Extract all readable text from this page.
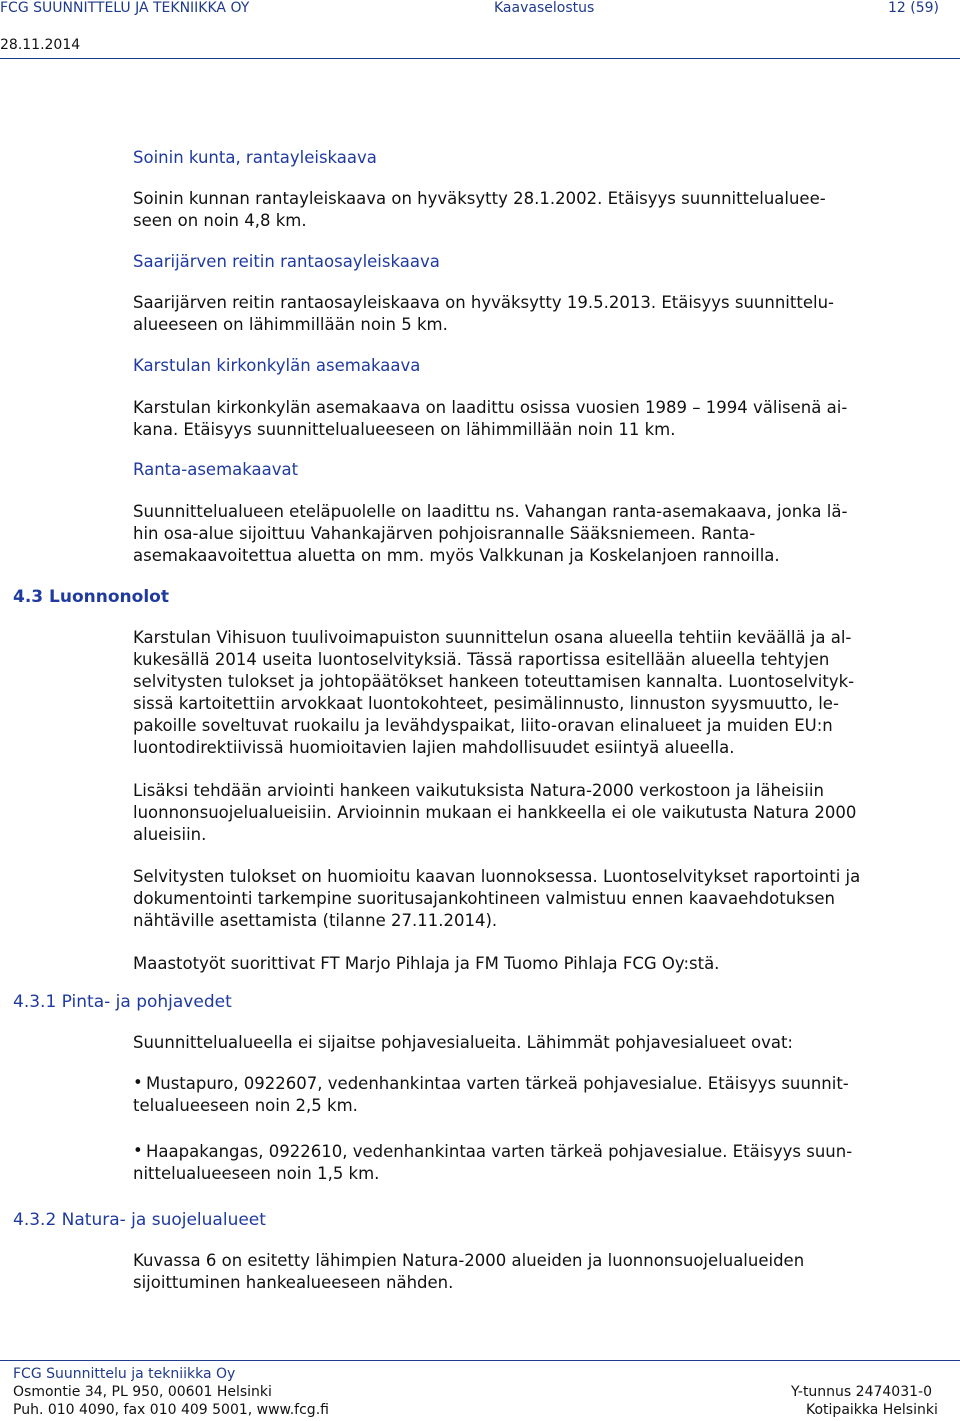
FCG SUUNNITTELU JA TEKNIIKKA OY	Kaavaselostus	12 (59)
28.11.2014
Soinin kunta, rantayleiskaava
Soinin kunnan rantayleiskaava on hyväksytty 28.1.2002. Etäisyys suunnittelualuee-
seen on noin 4,8 km.
Saarijärven reitin rantaosayleiskaava
Saarijärven reitin rantaosayleiskaava on hyväksytty 19.5.2013. Etäisyys suunnittelu-
alueeseen on lähimmillään noin 5 km.
Karstulan kirkonkylän asemakaava
Karstulan kirkonkylän asemakaava on laadittu osissa vuosien 1989 – 1994 välisenä ai-
kana. Etäisyys suunnittelualueeseen on lähimmillään noin 11 km.
Ranta-asemakaavat
Suunnittelualueen eteläpuolelle on laadittu ns. Vahangan ranta-asemakaava, jonka lä-
hin osa-alue sijoittuu Vahankajärven pohjoisrannalle Sääksniemeen. Ranta-
asemakaavoitettua aluetta on mm. myös Valkkunan ja Koskelanjoen rannoilla.
4.3 Luonnonolot
Karstulan Vihisuon tuulivoimapuiston suunnittelun osana alueella tehtiin keväällä ja al-
kukesällä 2014 useita luontoselvityksiä. Tässä raportissa esitellään alueella tehtyjen
selvitysten tulokset ja johtopäätökset hankeen toteuttamisen kannalta. Luontoselvityk-
sissä kartoitettiin arvokkaat luontokohteet, pesimälinnusto, linnuston syysmuutto, le-
pakoille soveltuvat ruokailu ja levähdyspaikat, liito-oravan elinalueet ja muiden EU:n
luontodirektiivissä huomioitavien lajien mahdollisuudet esiintyä alueella.
Lisäksi tehdään arviointi hankeen vaikutuksista Natura-2000 verkostoon ja läheisiin
luonnonsuojelualueisiin. Arvioinnin mukaan ei hankkeella ei ole vaikutusta Natura 2000
alueisiin.
Selvitysten tulokset on huomioitu kaavan luonnoksessa. Luontoselvitykset raportointi ja
dokumentointi tarkempine suoritusajankohtineen valmistuu ennen kaavaehdotuksen
nähtäville asettamista (tilanne 27.11.2014).
Maastotyöt suorittivat FT Marjo Pihlaja ja FM Tuomo Pihlaja FCG Oy:stä.
4.3.1 Pinta- ja pohjavedet
Suunnittelualueella ei sijaitse pohjavesialueita. Lähimmät pohjavesialueet ovat:
• Mustapuro, 0922607, vedenhankintaa varten tärkeä pohjavesialue. Etäisyys suunnit-
telualueeseen noin 2,5 km.
• Haapakangas, 0922610, vedenhankintaa varten tärkeä pohjavesialue. Etäisyys suun-
nittelualueeseen noin 1,5 km.
4.3.2 Natura- ja suojelualueet
Kuvassa 6 on esitetty lähimpien Natura-2000 alueiden ja luonnonsuojelualueiden
sijoittuminen hankealueeseen nähden.
FCG Suunnittelu ja tekniikka Oy
Osmontie 34, PL 950, 00601 Helsinki
Puh. 010 4090, fax 010 409 5001, www.fcg.fi
Y-tunnus 2474031-0
Kotipaikka Helsinki
